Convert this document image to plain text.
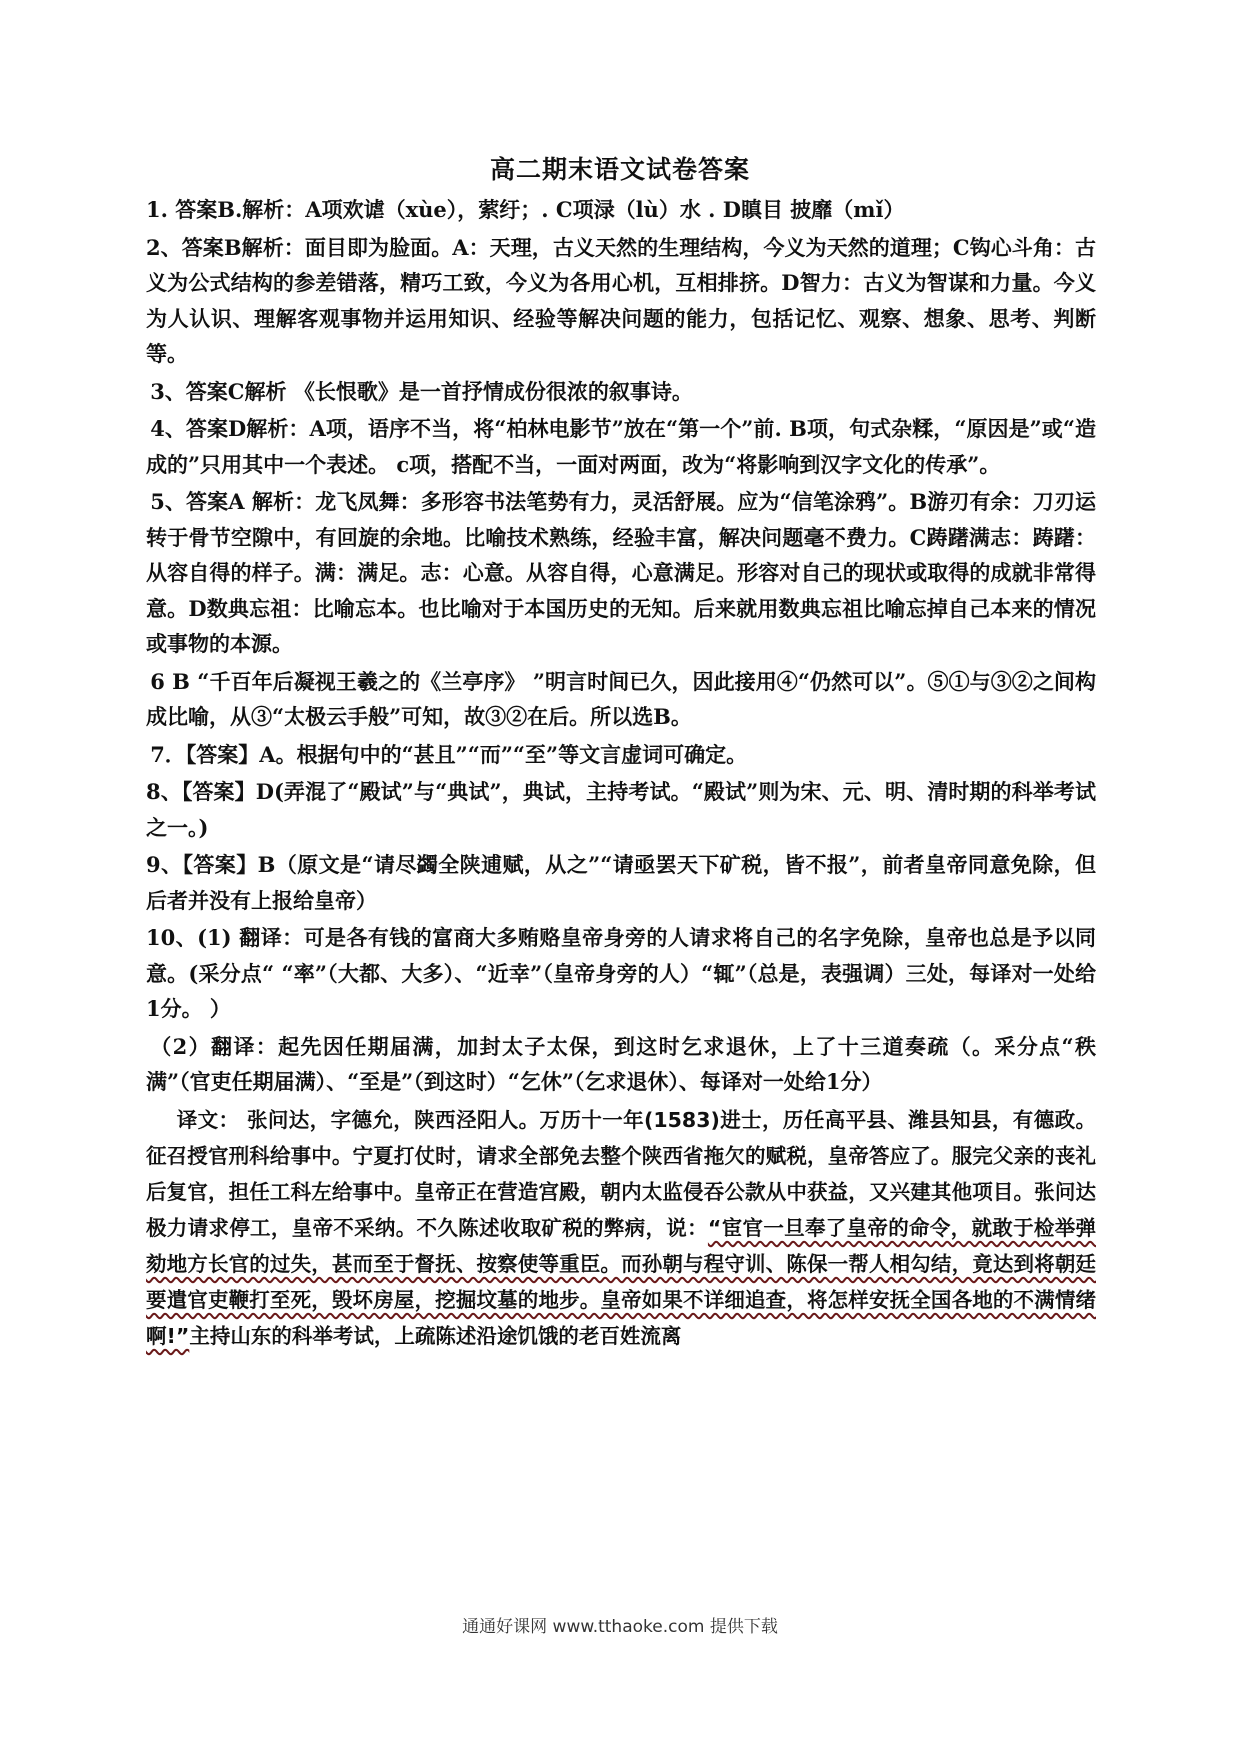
高二期末语文试卷答案

1. 答案B.解析：A项欢谑（xùe），萦纡；. C项渌（lù）水 . D瞋目 披靡（mǐ）

2、答案B解析：面目即为脸面。A：天理，古义天然的生理结构，今义为天然的道理；C钩心斗角：古义为公式结构的参差错落，精巧工致，今义为各用心机，互相排挤。D智力：古义为智谋和力量。今义为人认识、理解客观事物并运用知识、经验等解决问题的能力，包括记忆、观察、想象、思考、判断等。

3、答案C解析 《长恨歌》是一首抒情成份很浓的叙事诗。

4、答案D解析：A项，语序不当，将“柏林电影节”放在“第一个”前. B项，句式杂糅，“原因是”或“造成的”只用其中一个表述。 c项，搭配不当，一面对两面，改为“将影响到汉字文化的传承”。

5、答案A 解析：龙飞凤舞：多形容书法笔势有力，灵活舒展。应为“信笔涂鸦”。B游刃有余：刀刃运转于骨节空隙中，有回旋的余地。比喻技术熟练，经验丰富，解决问题毫不费力。C踌躇满志：踌躇：从容自得的样子。满：满足。志：心意。从容自得，心意满足。形容对自己的现状或取得的成就非常得意。D数典忘祖：比喻忘本。也比喻对于本国历史的无知。后来就用数典忘祖比喻忘掉自己本来的情况或事物的本源。

6 B “千百年后凝视王羲之的《兰亭序》 ”明言时间已久，因此接用④“仍然可以”。⑤①与③②之间构成比喻，从③“太极云手般”可知，故③②在后。所以选B。

7．【答案】A。根据句中的“甚且”“而”“至”等文言虚词可确定。

8、【答案】D(弄混了“殿试”与“典试”，典试，主持考试。“殿试”则为宋、元、明、清时期的科举考试之一。)

9、【答案】B（原文是“请尽蠲全陕逋赋，从之”“请亟罢天下矿税，皆不报”，前者皇帝同意免除，但后者并没有上报给皇帝）

10、(1) 翻译：可是各有钱的富商大多贿赂皇帝身旁的人请求将自己的名字免除，皇帝也总是予以同意。(采分点“ “率”（大都、大多）、“近幸”（皇帝身旁的人）“辄”（总是，表强调）三处，每译对一处给1分。 ）

（2）翻译：起先因任期届满，加封太子太保，到这时乞求退休，上了十三道奏疏（。采分点“秩满”（官吏任期届满）、“至是”（到这时）“乞休”（乞求退休）、每译对一处给1分）

译文： 张问达，字德允，陕西泾阳人。万历十一年(1583)进士，历任高平县、潍县知县，有德政。征召授官刑科给事中。宁夏打仗时，请求全部免去整个陕西省拖欠的赋税，皇帝答应了。服完父亲的丧礼后复官，担任工科左给事中。皇帝正在营造宫殿，朝内太监侵吞公款从中获益，又兴建其他项目。张问达极力请求停工，皇帝不采纳。不久陈述收取矿税的弊病，说：“宦官一旦奉了皇帝的命令，就敢于检举弹劾地方长官的过失，甚而至于督抚、按察使等重臣。而孙朝与程守训、陈保一帮人相勾结，竟达到将朝廷要遣官吏鞭打至死，毁坏房屋，挖掘坟墓的地步。皇帝如果不详细追查，将怎样安抚全国各地的不满情绪啊!”主持山东的科举考试，上疏陈述沿途饥饿的老百姓流离

通通好课网 www.tthaoke.com 提供下载
